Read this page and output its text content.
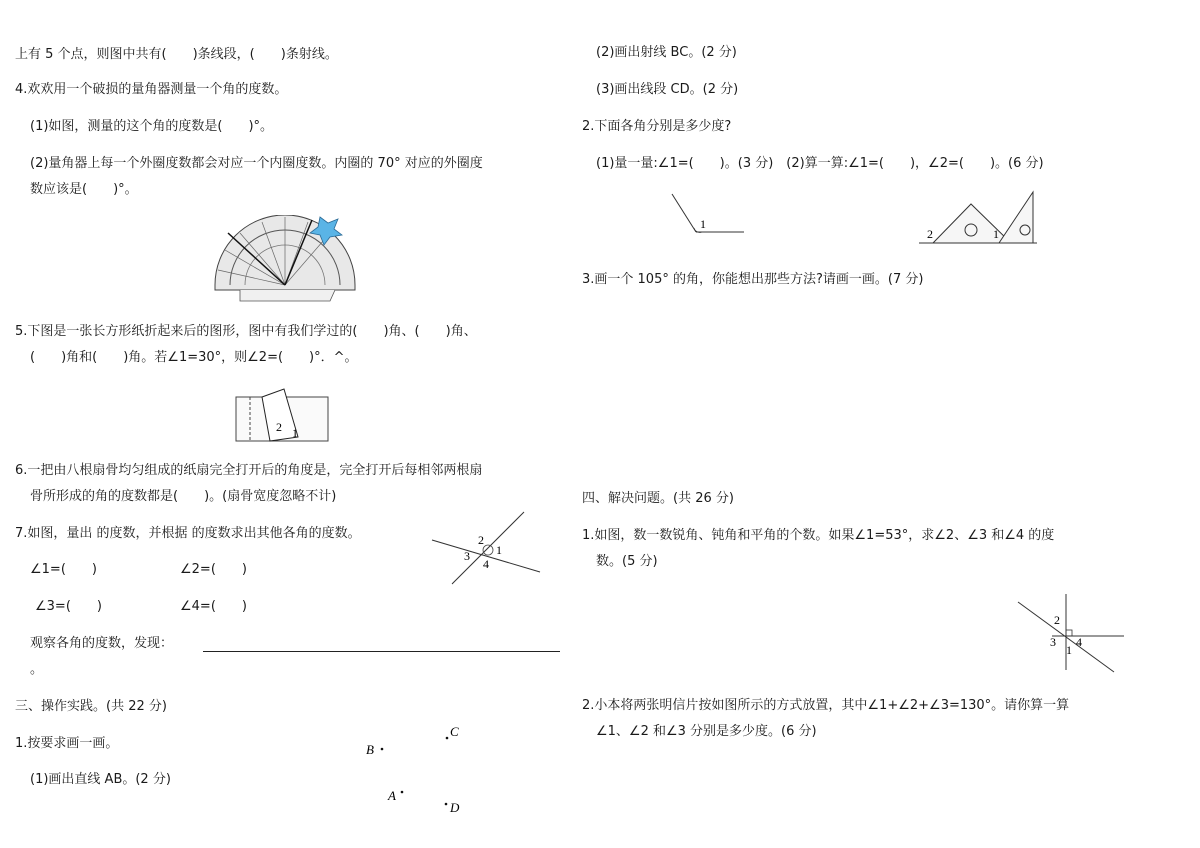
上有 5 个点，则图中共有(　　)条线段，(　　)条射线。
4.欢欢用一个破损的量角器测量一个角的度数。
(1)如图，测量的这个角的度数是(　　)°。
(2)量角器上每一个外圈度数都会对应一个内圈度数。内圈的 70° 对应的外圈度
数应该是(　　)°。
5.下图是一张长方形纸折起来后的图形，图中有我们学过的(　　)角、(　　)角、
(　　)角和(　　)角。若∠1=30°，则∠2=(　　)°．^。
2 1
6.一把由八根扇骨均匀组成的纸扇完全打开后的角度是，完全打开后每相邻两根扇
骨所形成的角的度数都是(　　)。(扇骨宽度忽略不计)
7.如图，量出 的度数，并根据 的度数求出其他各角的度数。	2
1
3
4
∠1=(　　)	∠2=(　　)
∠3=(　　)	∠4=(　　)
观察各角的度数，发现：
。
三、操作实践。(共 22 分)
1.按要求画一画。
(1)画出直线 AB。(2 分)
B
C
A
D
(2)画出射线 BC。(2 分)
(3)画出线段 CD。(2 分)
2.下面各角分别是多少度?
(1)量一量:∠1=(　　)。(3 分)　(2)算一算:∠1=(　　)，∠2=(　　)。(6 分)
1
2	1
3.画一个 105° 的角，你能想出那些方法?请画一画。(7 分)
四、解决问题。(共 26 分)
1.如图，数一数锐角、钝角和平角的个数。如果∠1=53°，求∠2、∠3 和∠4 的度
数。(5 分)
2
3 4
1
2.小本将两张明信片按如图所示的方式放置，其中∠1+∠2+∠3=130°。请你算一算
∠1、∠2 和∠3 分别是多少度。(6 分)
